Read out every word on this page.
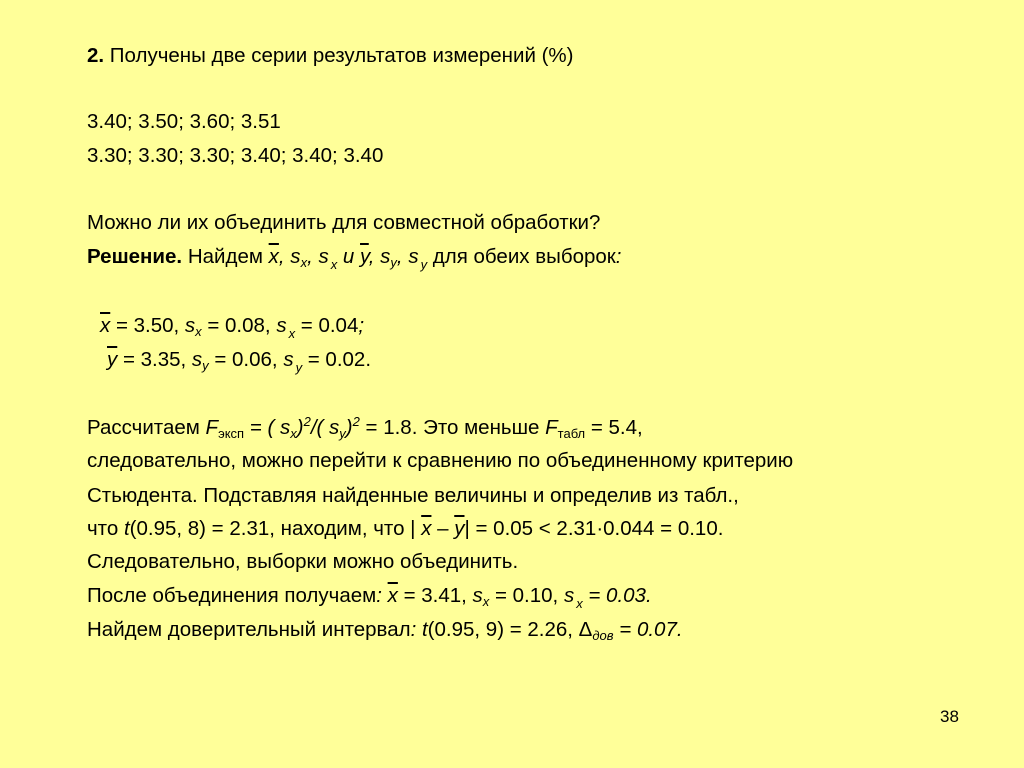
2. Получены две серии результатов измерений (%)
3.40; 3.50; 3.60; 3.51
3.30; 3.30; 3.30; 3.40; 3.40; 3.40
Можно ли их объединить для совместной обработки?
Решение. Найдем $\overline{x}$, sx, s $_x$ и $\overline{y}$, sy, s $_y$ для обеих выборок:
$\overline{x} = 3.50$, sx = 0.08, s $_x$ = 0.04;
$\overline{y} = 3.35$, sy = 0.06, s $_y$ = 0.02.
Рассчитаем Fэксп = ( sx)$^2$/( sy)$^2$ = 1.8. Это меньше Fтабл = 5.4,
следовательно, можно перейти к сравнению по объединенному критерию
Стьюдента. Подставляя найденные величины и определив из табл.,
что t(0.95, 8) = 2.31, находим, что | $\overline{x} - \overline{y}| = 0.05 < 2.31\cdot 0.044 = 0.10$.
Следовательно, выборки можно объединить.
После объединения получаем: $\overline{x} = 3.41$, sx = 0.10, s $_x$ = 0.03.
Найдем доверительный интервал: t(0.95, 9) = 2.26, Δдов = 0.07.
38
